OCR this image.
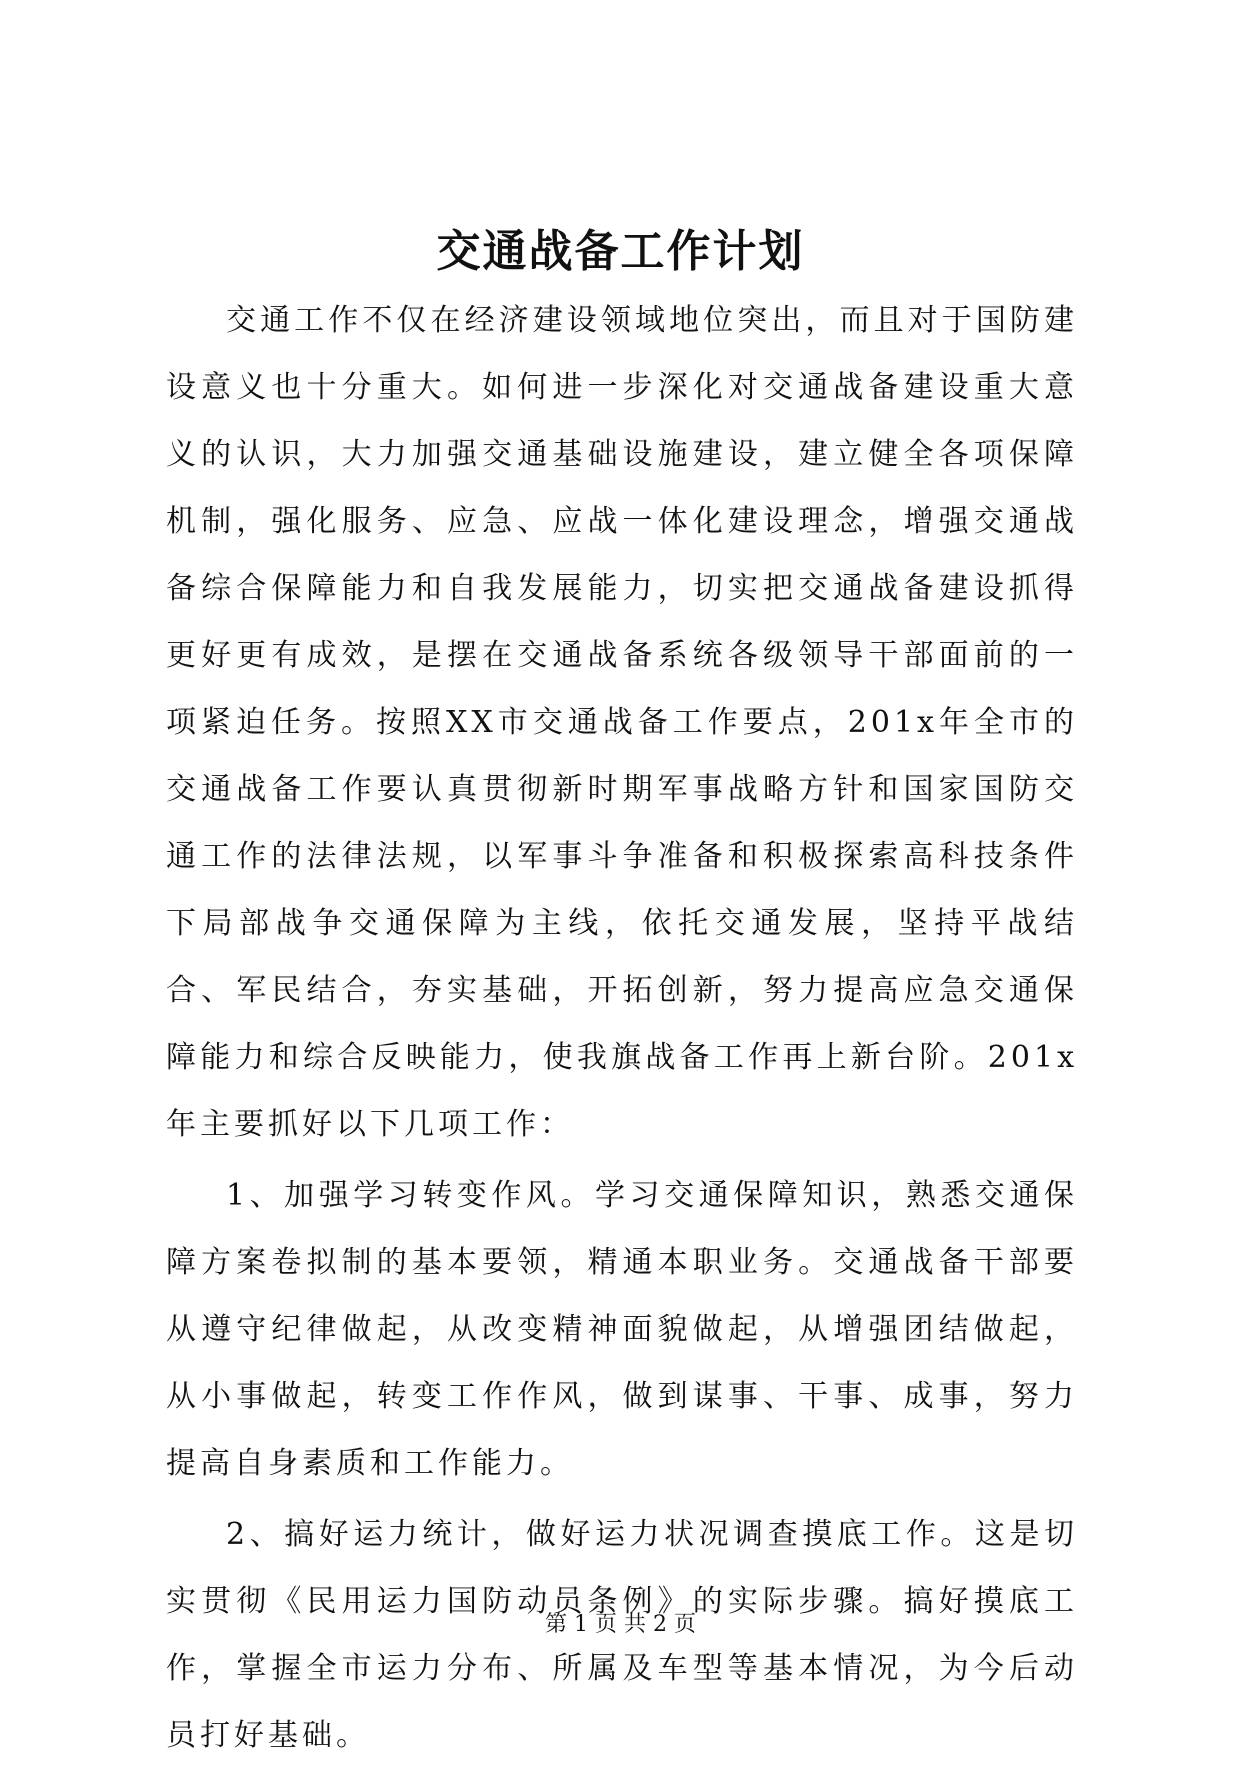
交通战备工作计划

交通工作不仅在经济建设领域地位突出，而且对于国防建设意义也十分重大。如何进一步深化对交通战备建设重大意义的认识，大力加强交通基础设施建设，建立健全各项保障机制，强化服务、应急、应战一体化建设理念，增强交通战备综合保障能力和自我发展能力，切实把交通战备建设抓得更好更有成效，是摆在交通战备系统各级领导干部面前的一项紧迫任务。按照XX市交通战备工作要点，201x年全市的交通战备工作要认真贯彻新时期军事战略方针和国家国防交通工作的法律法规，以军事斗争准备和积极探索高科技条件下局部战争交通保障为主线，依托交通发展，坚持平战结合、军民结合，夯实基础，开拓创新，努力提高应急交通保障能力和综合反映能力，使我旗战备工作再上新台阶。201x年主要抓好以下几项工作：

1、加强学习转变作风。学习交通保障知识，熟悉交通保障方案卷拟制的基本要领，精通本职业务。交通战备干部要从遵守纪律做起，从改变精神面貌做起，从增强团结做起，从小事做起，转变工作作风，做到谋事、干事、成事，努力提高自身素质和工作能力。

2、搞好运力统计，做好运力状况调查摸底工作。这是切实贯彻《民用运力国防动员条例》的实际步骤。搞好摸底工作，掌握全市运力分布、所属及车型等基本情况，为今后动员打好基础。

第 1 页 共 2 页
